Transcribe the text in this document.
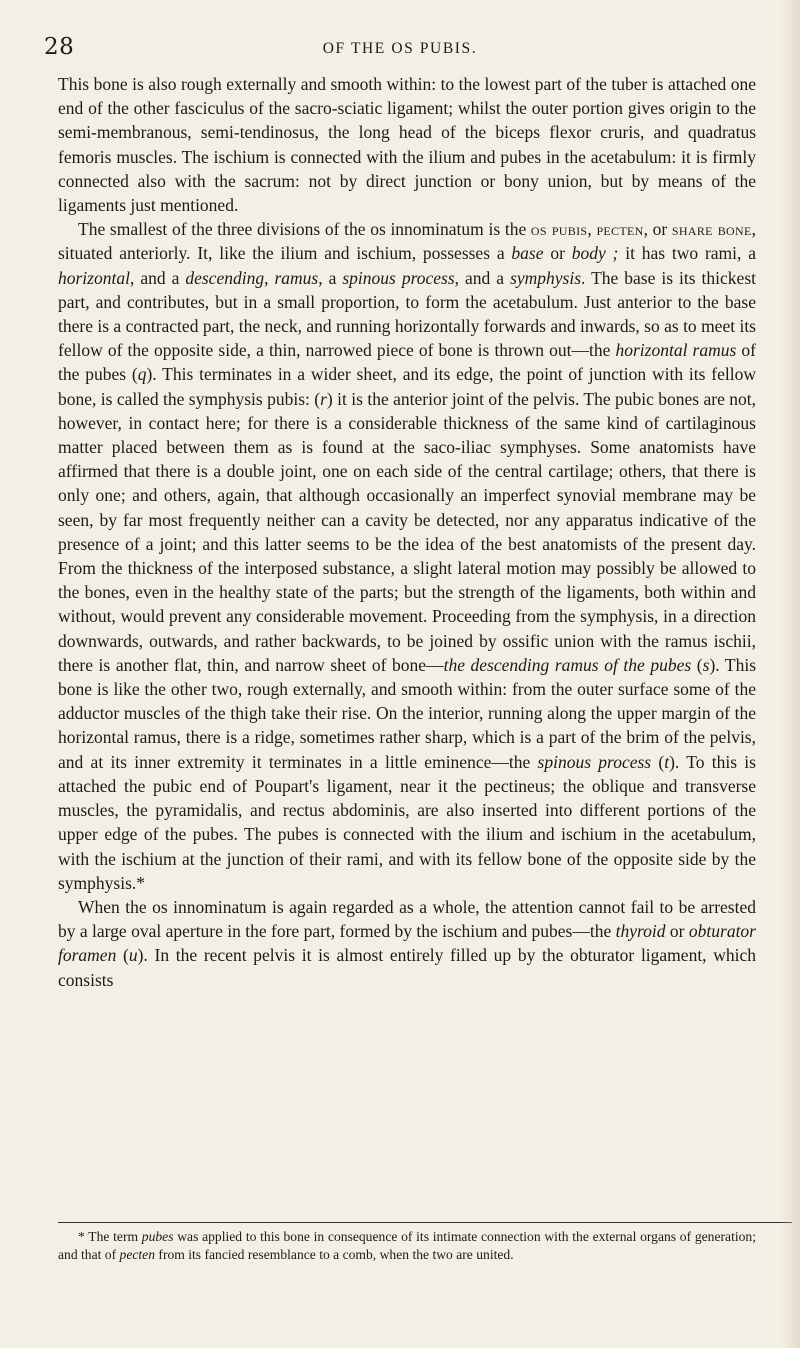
28	OF THE OS PUBIS.

This bone is also rough externally and smooth within: to the lowest part of the tuber is attached one end of the other fasciculus of the sacro-sciatic ligament; whilst the outer portion gives origin to the semi-membranous, semi-tendinosus, the long head of the biceps flexor cruris, and quadratus femoris muscles. The ischium is connected with the ilium and pubes in the acetabulum: it is firmly connected also with the sacrum: not by direct junction or bony union, but by means of the ligaments just mentioned.

The smallest of the three divisions of the os innominatum is the os pubis, pecten, or share bone, situated anteriorly. It, like the ilium and ischium, possesses a base or body ; it has two rami, a horizontal, and a descending, ramus, a spinous process, and a symphysis. The base is its thickest part, and contributes, but in a small proportion, to form the acetabulum. Just anterior to the base there is a contracted part, the neck, and running horizontally forwards and inwards, so as to meet its fellow of the opposite side, a thin, narrowed piece of bone is thrown out—the horizontal ramus of the pubes (q). This terminates in a wider sheet, and its edge, the point of junction with its fellow bone, is called the symphysis pubis: (r) it is the anterior joint of the pelvis. The pubic bones are not, however, in contact here; for there is a considerable thickness of the same kind of cartilaginous matter placed between them as is found at the saco-iliac symphyses. Some anatomists have affirmed that there is a double joint, one on each side of the central cartilage; others, that there is only one; and others, again, that although occasionally an imperfect synovial membrane may be seen, by far most frequently neither can a cavity be detected, nor any apparatus indicative of the presence of a joint; and this latter seems to be the idea of the best anatomists of the present day. From the thickness of the interposed substance, a slight lateral motion may possibly be allowed to the bones, even in the healthy state of the parts; but the strength of the ligaments, both within and without, would prevent any considerable movement. Proceeding from the symphysis, in a direction downwards, outwards, and rather backwards, to be joined by ossific union with the ramus ischii, there is another flat, thin, and narrow sheet of bone—the descending ramus of the pubes (s). This bone is like the other two, rough externally, and smooth within: from the outer surface some of the adductor muscles of the thigh take their rise. On the interior, running along the upper margin of the horizontal ramus, there is a ridge, sometimes rather sharp, which is a part of the brim of the pelvis, and at its inner extremity it terminates in a little eminence—the spinous process (t). To this is attached the pubic end of Poupart's ligament, near it the pectineus; the oblique and transverse muscles, the pyramidalis, and rectus abdominis, are also inserted into different portions of the upper edge of the pubes. The pubes is connected with the ilium and ischium in the acetabulum, with the ischium at the junction of their rami, and with its fellow bone of the opposite side by the symphysis.*

When the os innominatum is again regarded as a whole, the attention cannot fail to be arrested by a large oval aperture in the fore part, formed by the ischium and pubes—the thyroid or obturator foramen (u). In the recent pelvis it is almost entirely filled up by the obturator ligament, which consists

* The term pubes was applied to this bone in consequence of its intimate connection with the external organs of generation; and that of pecten from its fancied resemblance to a comb, when the two are united.
